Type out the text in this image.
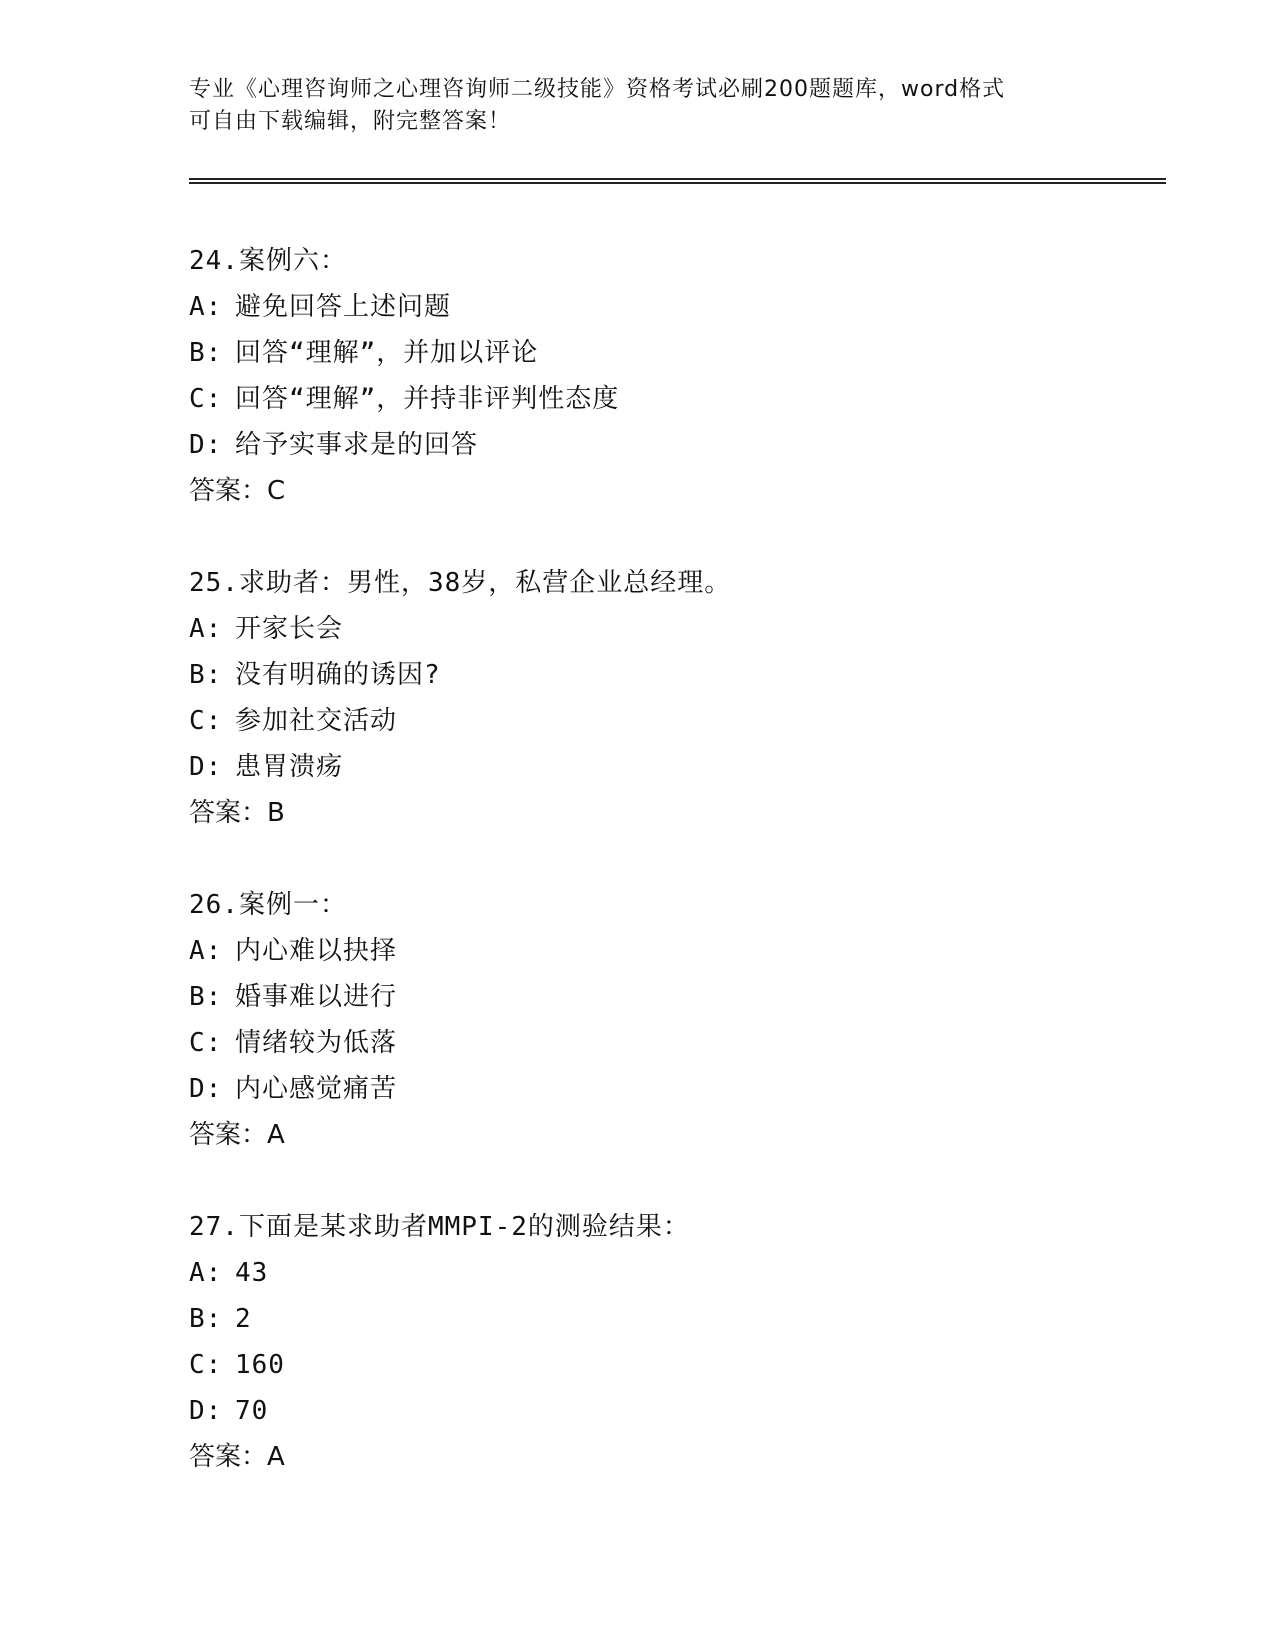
专业《心理咨询师之心理咨询师二级技能》资格考试必刷200题题库，word格式
可自由下载编辑，附完整答案！
24.案例六：
A: 避免回答上述问题
B: 回答“理解”，并加以评论
C: 回答“理解”，并持非评判性态度
D: 给予实事求是的回答
答案：C
25.求助者：男性，38岁，私营企业总经理。
A: 开家长会
B: 没有明确的诱因?
C: 参加社交活动
D: 患胃溃疡
答案：B
26.案例一：
A: 内心难以抉择
B: 婚事难以进行
C: 情绪较为低落
D: 内心感觉痛苦
答案：A
27.下面是某求助者MMPI-2的测验结果：
A: 43
B: 2
C: 160
D: 70
答案：A
